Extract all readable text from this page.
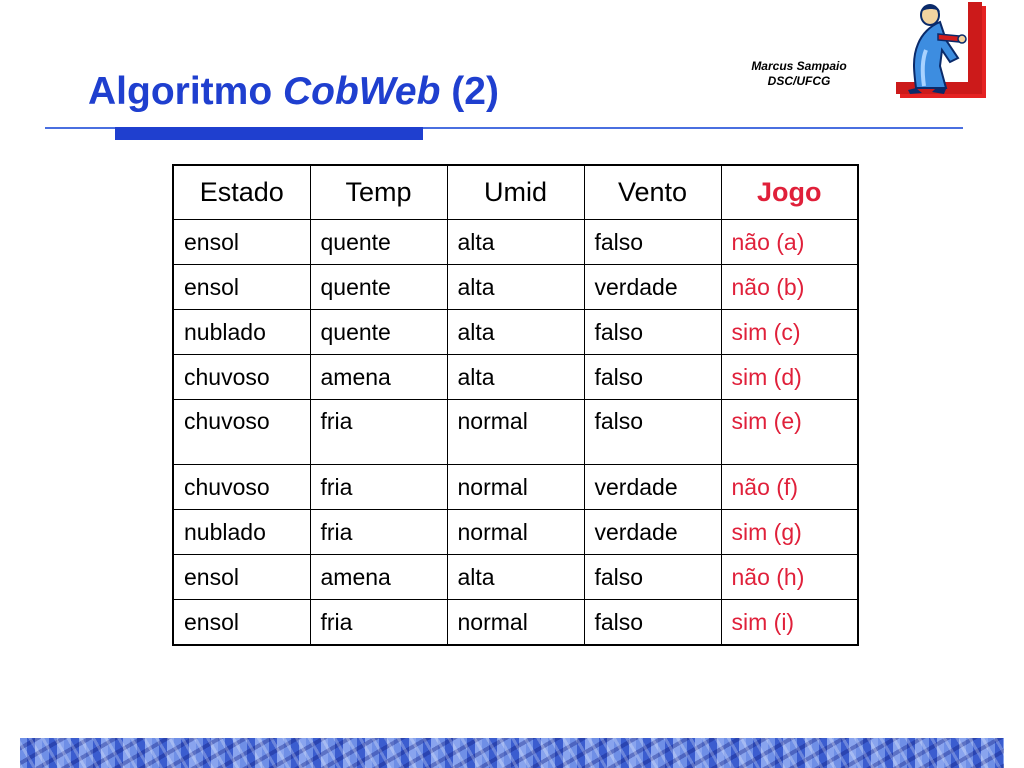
Algoritmo CobWeb (2)
Marcus Sampaio
DSC/UFCG
Estado	Temp	Umid	Vento	Jogo
ensol	quente	alta	falso	não (a)
ensol	quente	alta	verdade	não (b)
nublado	quente	alta	falso	sim (c)
chuvoso	amena	alta	falso	sim (d)
chuvoso	fria	normal	falso	sim (e)
chuvoso	fria	normal	verdade	não (f)
nublado	fria	normal	verdade	sim (g)
ensol	amena	alta	falso	não (h)
ensol	fria	normal	falso	sim (i)
